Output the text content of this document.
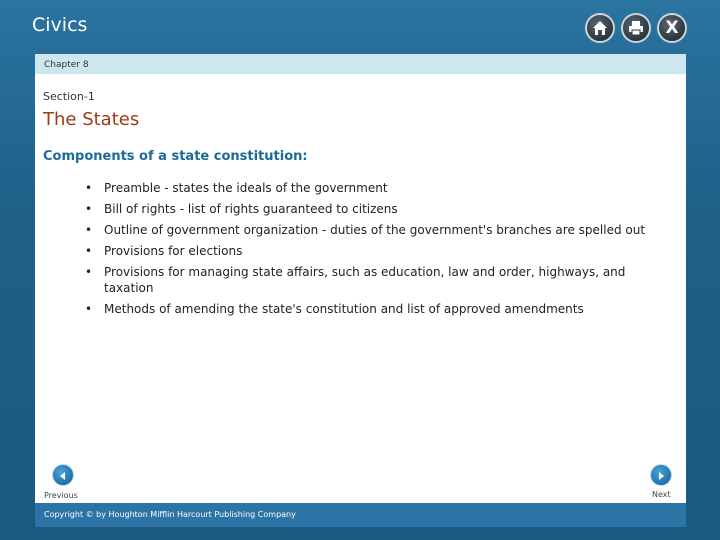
Civics	X
Chapter 8
Section-1
The States
Components of a state constitution:
• Preamble - states the ideals of the government
• Bill of rights - list of rights guaranteed to citizens
• Outline of government organization - duties of the government's branches are spelled out
• Provisions for elections
• Provisions for managing state affairs, such as education, law and order, highways, and taxation
• Methods of amending the state's constitution and list of approved amendments
Previous	Next
Copyright © by Houghton Mifflin Harcourt Publishing Company
